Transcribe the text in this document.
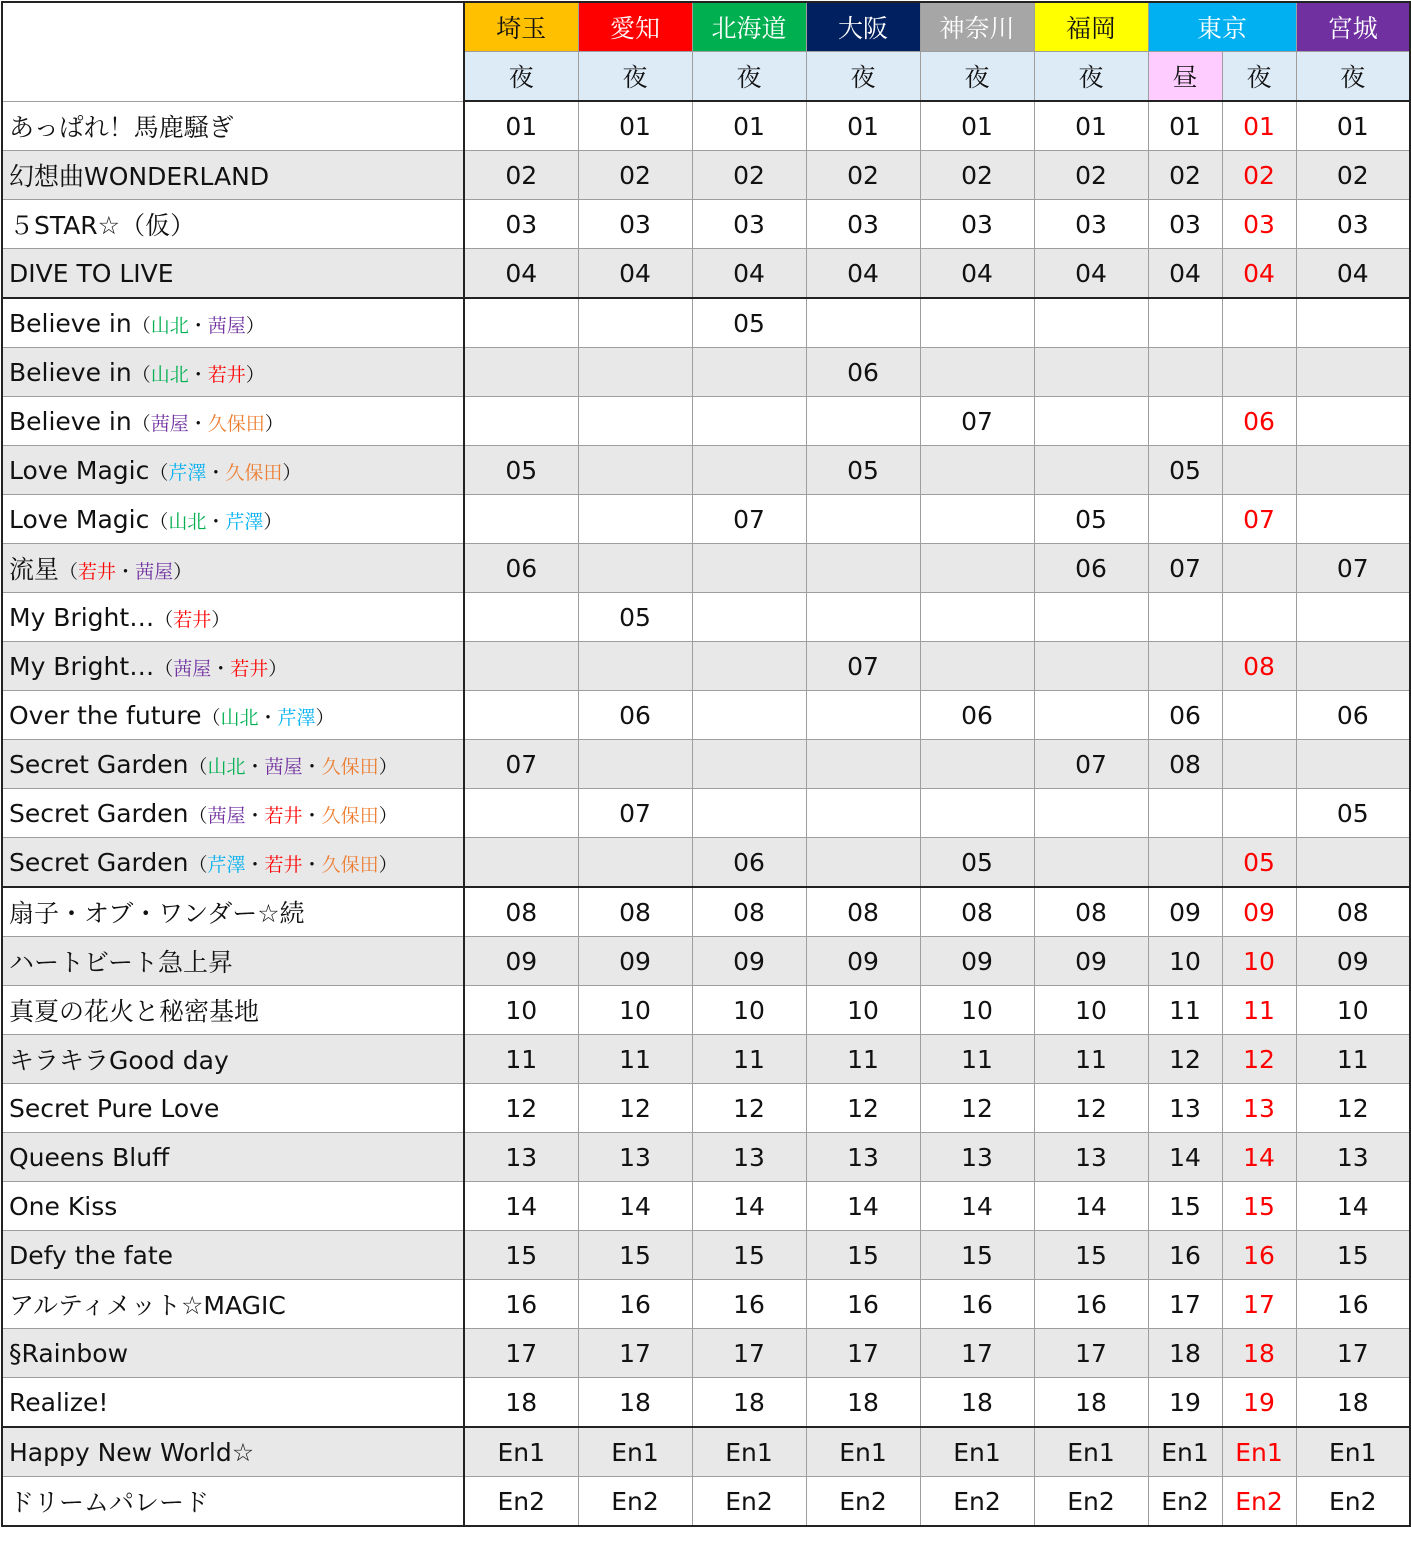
	埼玉	愛知	北海道	大阪	神奈川	福岡	東京		宮城
	夜	夜	夜	夜	夜	夜	昼	夜	夜
あっぱれ！馬鹿騒ぎ	01	01	01	01	01	01	01	01	01
幻想曲WONDERLAND	02	02	02	02	02	02	02	02	02
５STAR☆（仮）	03	03	03	03	03	03	03	03	03
DIVE TO LIVE	04	04	04	04	04	04	04	04	04
Believe in（山北・茜屋）			05						
Believe in（山北・若井）				06					
Believe in（茜屋・久保田）					07			06	
Love Magic（芹澤・久保田）	05			05			05		
Love Magic（山北・芹澤）			07			05		07	
流星（若井・茜屋）	06					06	07		07
My Bright…（若井）		05							
My Bright…（茜屋・若井）				07				08	
Over the future（山北・芹澤）		06			06		06		06
Secret Garden（山北・茜屋・久保田）	07					07	08		
Secret Garden（茜屋・若井・久保田）		07							05
Secret Garden（芹澤・若井・久保田）			06		05			05	
扇子・オブ・ワンダー☆続	08	08	08	08	08	08	09	09	08
ハートビート急上昇	09	09	09	09	09	09	10	10	09
真夏の花火と秘密基地	10	10	10	10	10	10	11	11	10
キラキラGood day	11	11	11	11	11	11	12	12	11
Secret Pure Love	12	12	12	12	12	12	13	13	12
Queens Bluff	13	13	13	13	13	13	14	14	13
One Kiss	14	14	14	14	14	14	15	15	14
Defy the fate	15	15	15	15	15	15	16	16	15
アルティメット☆MAGIC	16	16	16	16	16	16	17	17	16
§Rainbow	17	17	17	17	17	17	18	18	17
Realize!	18	18	18	18	18	18	19	19	18
Happy New World☆	En1	En1	En1	En1	En1	En1	En1	En1	En1
ドリームパレード	En2	En2	En2	En2	En2	En2	En2	En2	En2
